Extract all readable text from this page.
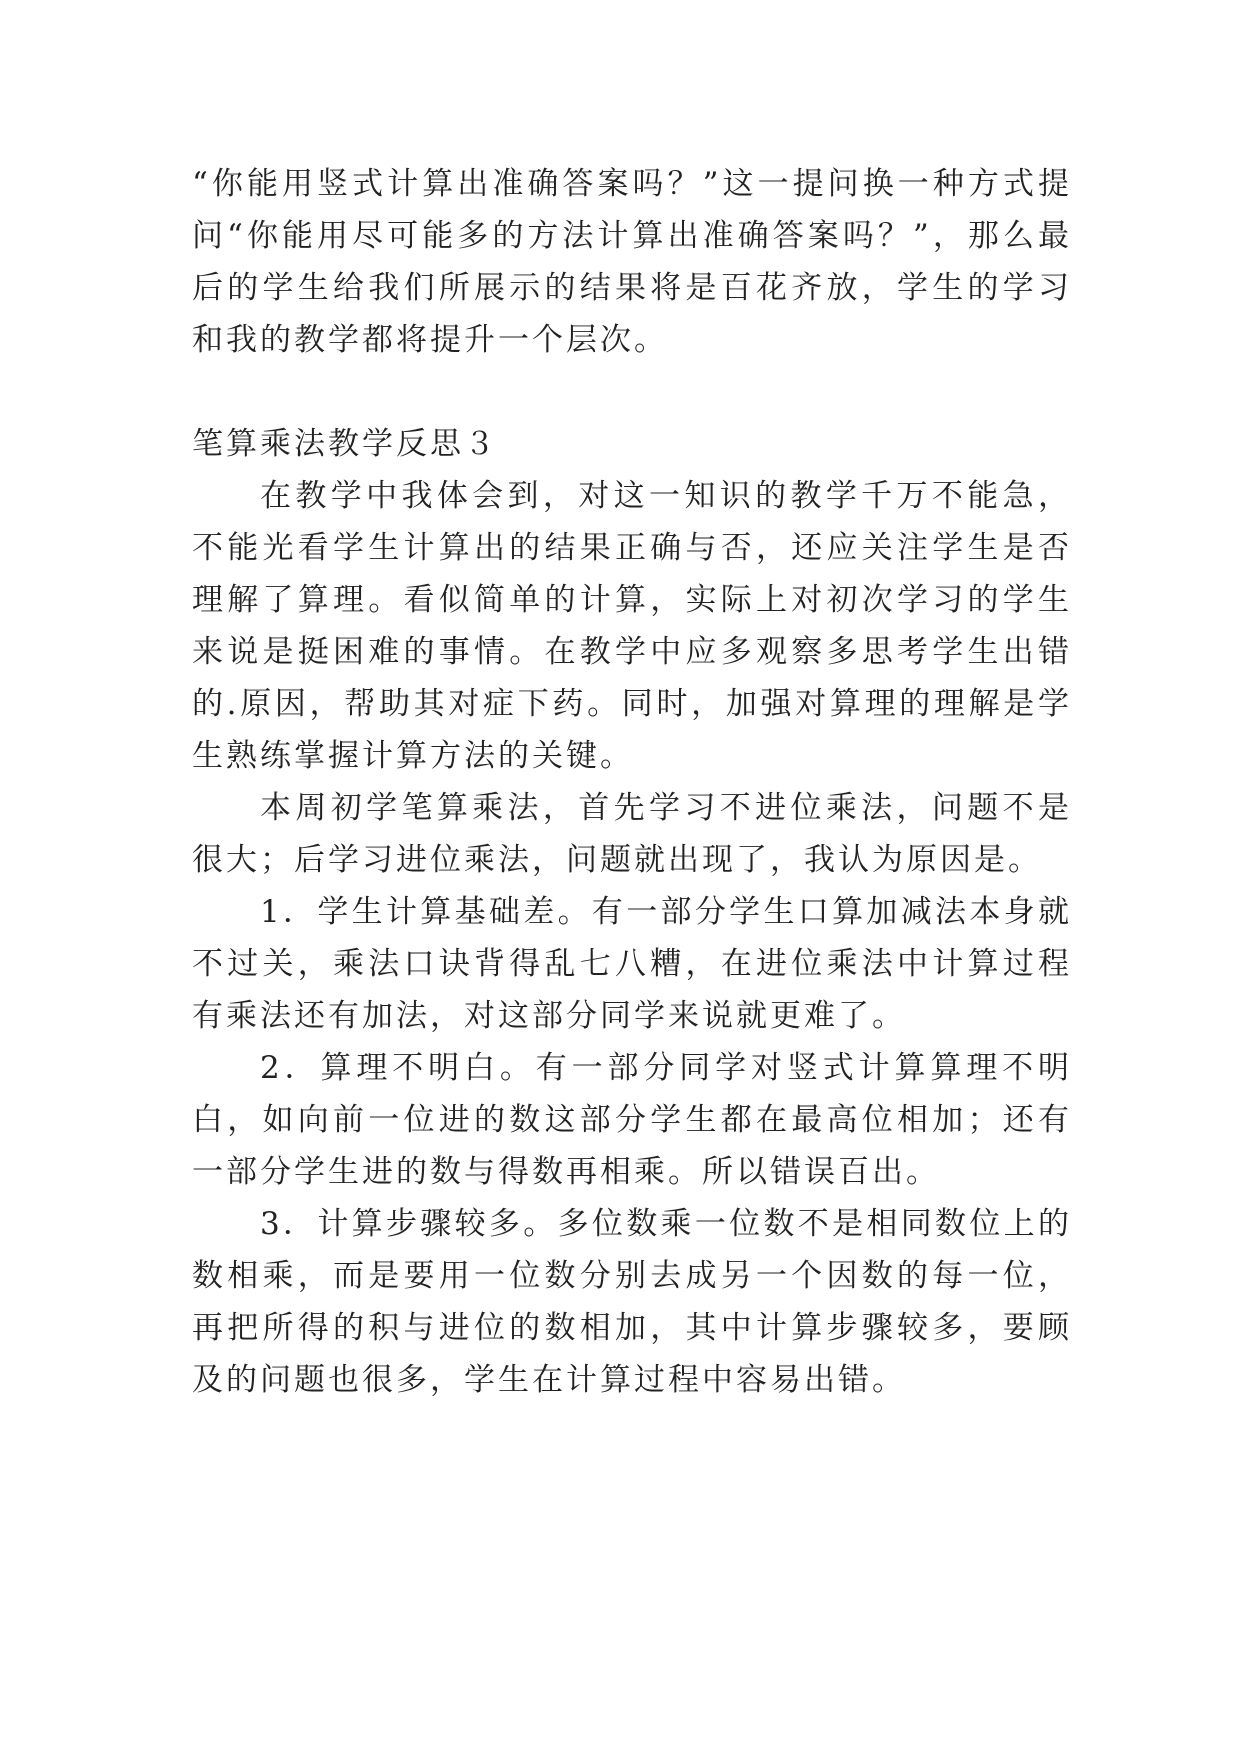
“你能用竖式计算出准确答案吗？”这一提问换一种方式提问“你能用尽可能多的方法计算出准确答案吗？”，那么最后的学生给我们所展示的结果将是百花齐放，学生的学习和我的教学都将提升一个层次。

笔算乘法教学反思３

在教学中我体会到，对这一知识的教学千万不能急，不能光看学生计算出的结果正确与否，还应关注学生是否理解了算理。看似简单的计算，实际上对初次学习的学生来说是挺困难的事情。在教学中应多观察多思考学生出错的.原因，帮助其对症下药。同时，加强对算理的理解是学生熟练掌握计算方法的关键。

本周初学笔算乘法，首先学习不进位乘法，问题不是很大；后学习进位乘法，问题就出现了，我认为原因是。

1．学生计算基础差。有一部分学生口算加减法本身就不过关，乘法口诀背得乱七八糟，在进位乘法中计算过程有乘法还有加法，对这部分同学来说就更难了。

2．算理不明白。有一部分同学对竖式计算算理不明白，如向前一位进的数这部分学生都在最高位相加；还有一部分学生进的数与得数再相乘。所以错误百出。

3．计算步骤较多。多位数乘一位数不是相同数位上的数相乘，而是要用一位数分别去成另一个因数的每一位，再把所得的积与进位的数相加，其中计算步骤较多，要顾及的问题也很多，学生在计算过程中容易出错。
